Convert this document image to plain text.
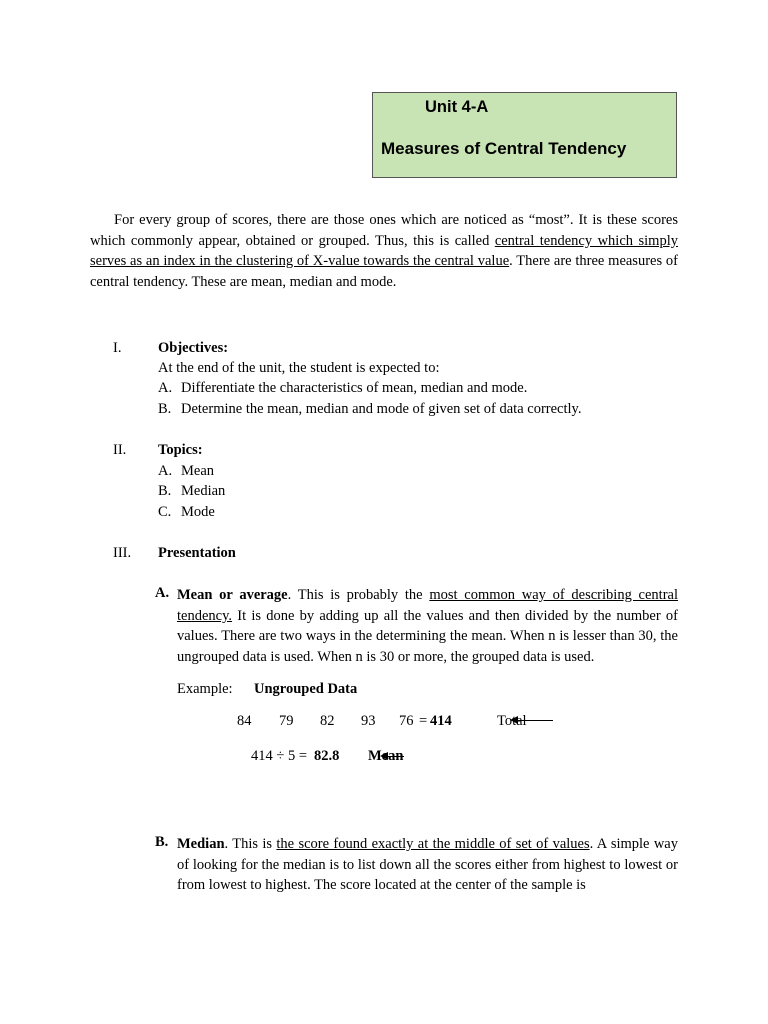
Unit 4-A
Measures of Central Tendency

For every group of scores, there are those ones which are noticed as “most”. It is these scores which commonly appear, obtained or grouped. Thus, this is called central tendency which simply serves as an index in the clustering of X-value towards the central value. There are three measures of central tendency. These are mean, median and mode.

I.	Objectives:
At the end of the unit, the student is expected to:
A. Differentiate the characteristics of mean, median and mode.
B. Determine the mean, median and mode of given set of data correctly.
II. Topics:
A. Mean
B. Median
C. Mode
III. Presentation
A. Mean or average. This is probably the most common way of describing central tendency. It is done by adding up all the values and then divided by the number of values. There are two ways in the determining the mean. When n is lesser than 30, the ungrouped data is used. When n is 30 or more, the grouped data is used.

Example: Ungrouped Data
84 79 82 93 76 = 414	Total
414 ÷ 5 = 82.8 Mean
B. Median. This is the score found exactly at the middle of set of values. A simple way of looking for the median is to list down all the scores either from highest to lowest or from lowest to highest. The score located at the center of the sample is
